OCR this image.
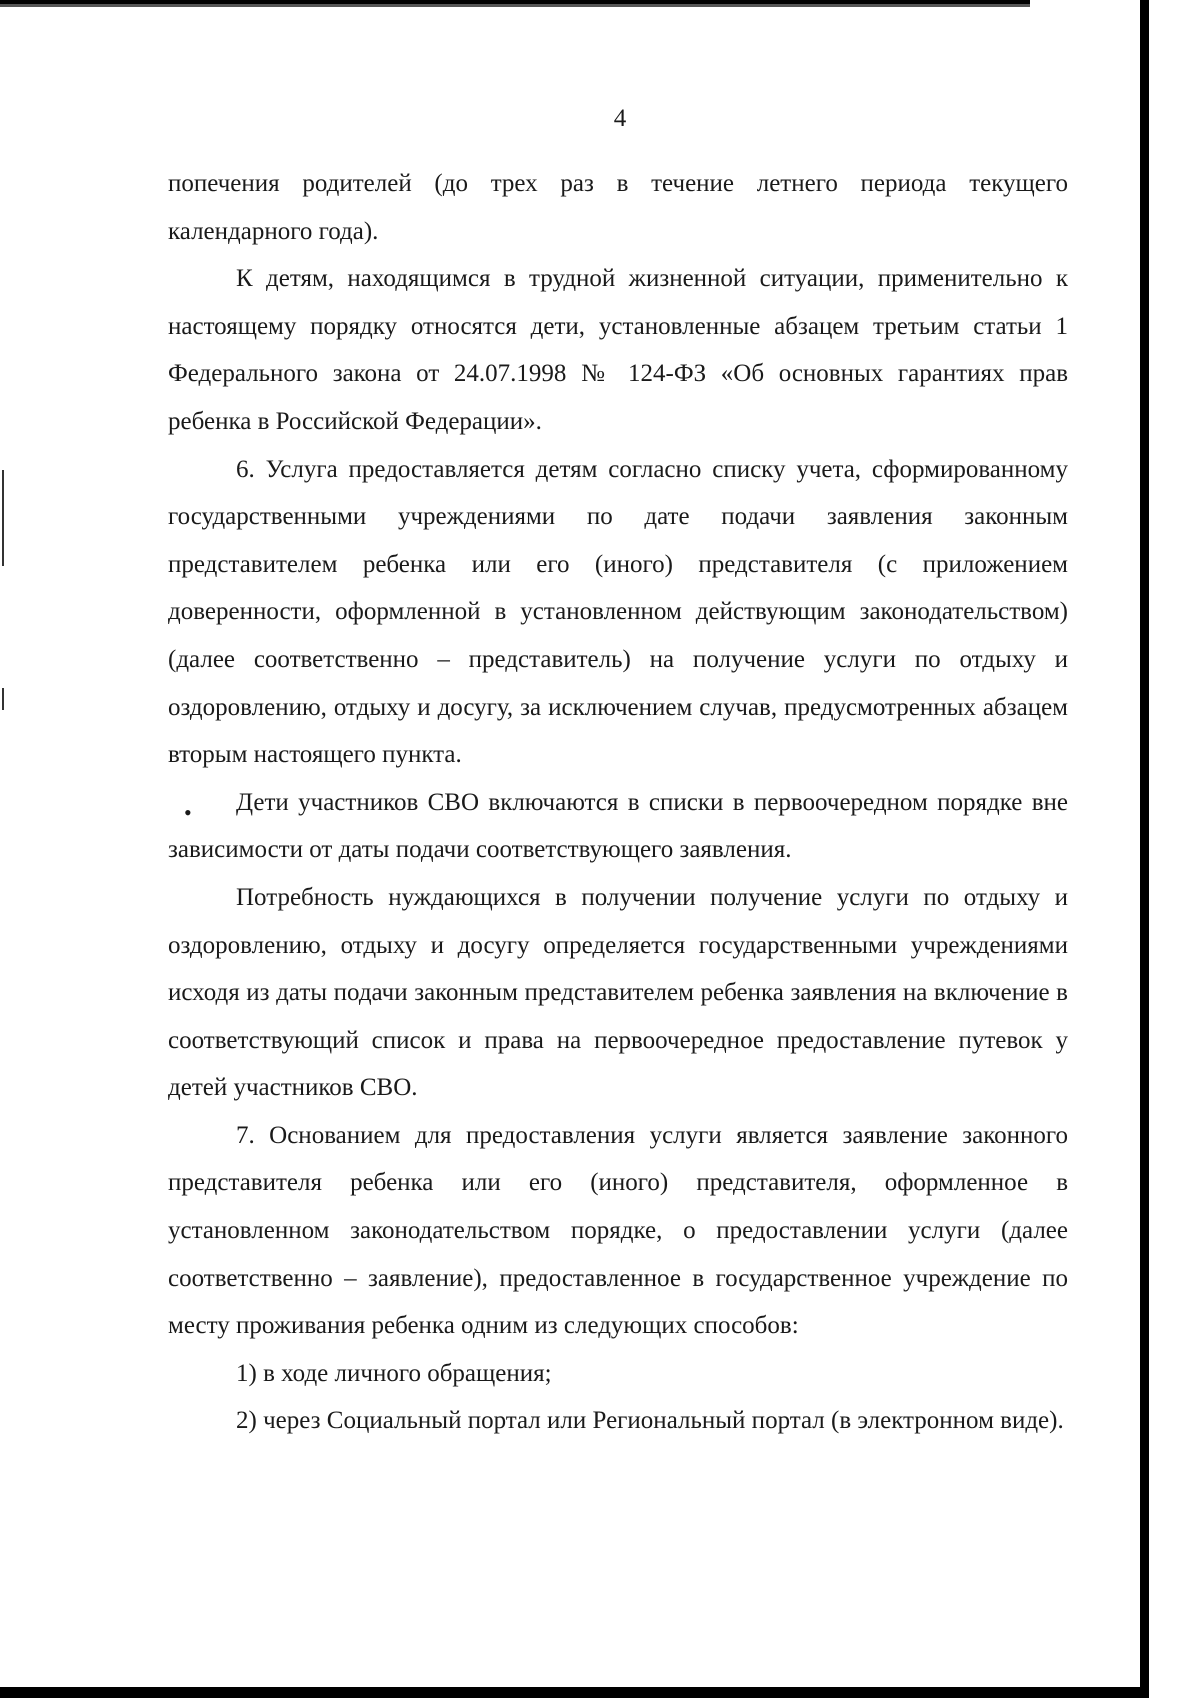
4
•

попечения родителей (до трех раз в течение летнего периода текущего календарного года).

К детям, находящимся в трудной жизненной ситуации, применительно к настоящему порядку относятся дети, установленные абзацем третьим статьи 1 Федерального закона от 24.07.1998 № 124-ФЗ «Об основных гарантиях прав ребенка в Российской Федерации».

6. Услуга предоставляется детям согласно списку учета, сформированному государственными учреждениями по дате подачи заявления законным представителем ребенка или его (иного) представителя (с приложением доверенности, оформленной в установленном действующим законодательством) (далее соответственно – представитель) на получение услуги по отдыху и оздоровлению, отдыху и досугу, за исключением случав, предусмотренных абзацем вторым настоящего пункта.

Дети участников СВО включаются в списки в первоочередном порядке вне зависимости от даты подачи соответствующего заявления.

Потребность нуждающихся в получении получение услуги по отдыху и оздоровлению, отдыху и досугу определяется государственными учреждениями исходя из даты подачи законным представителем ребенка заявления на включение в соответствующий список и права на первоочередное предоставление путевок у детей участников СВО.

7. Основанием для предоставления услуги является заявление законного представителя ребенка или его (иного) представителя, оформленное в установленном законодательством порядке, о предоставлении услуги (далее соответственно – заявление), предоставленное в государственное учреждение по месту проживания ребенка одним из следующих способов:

1) в ходе личного обращения;

2) через Социальный портал или Региональный портал (в электронном виде).
